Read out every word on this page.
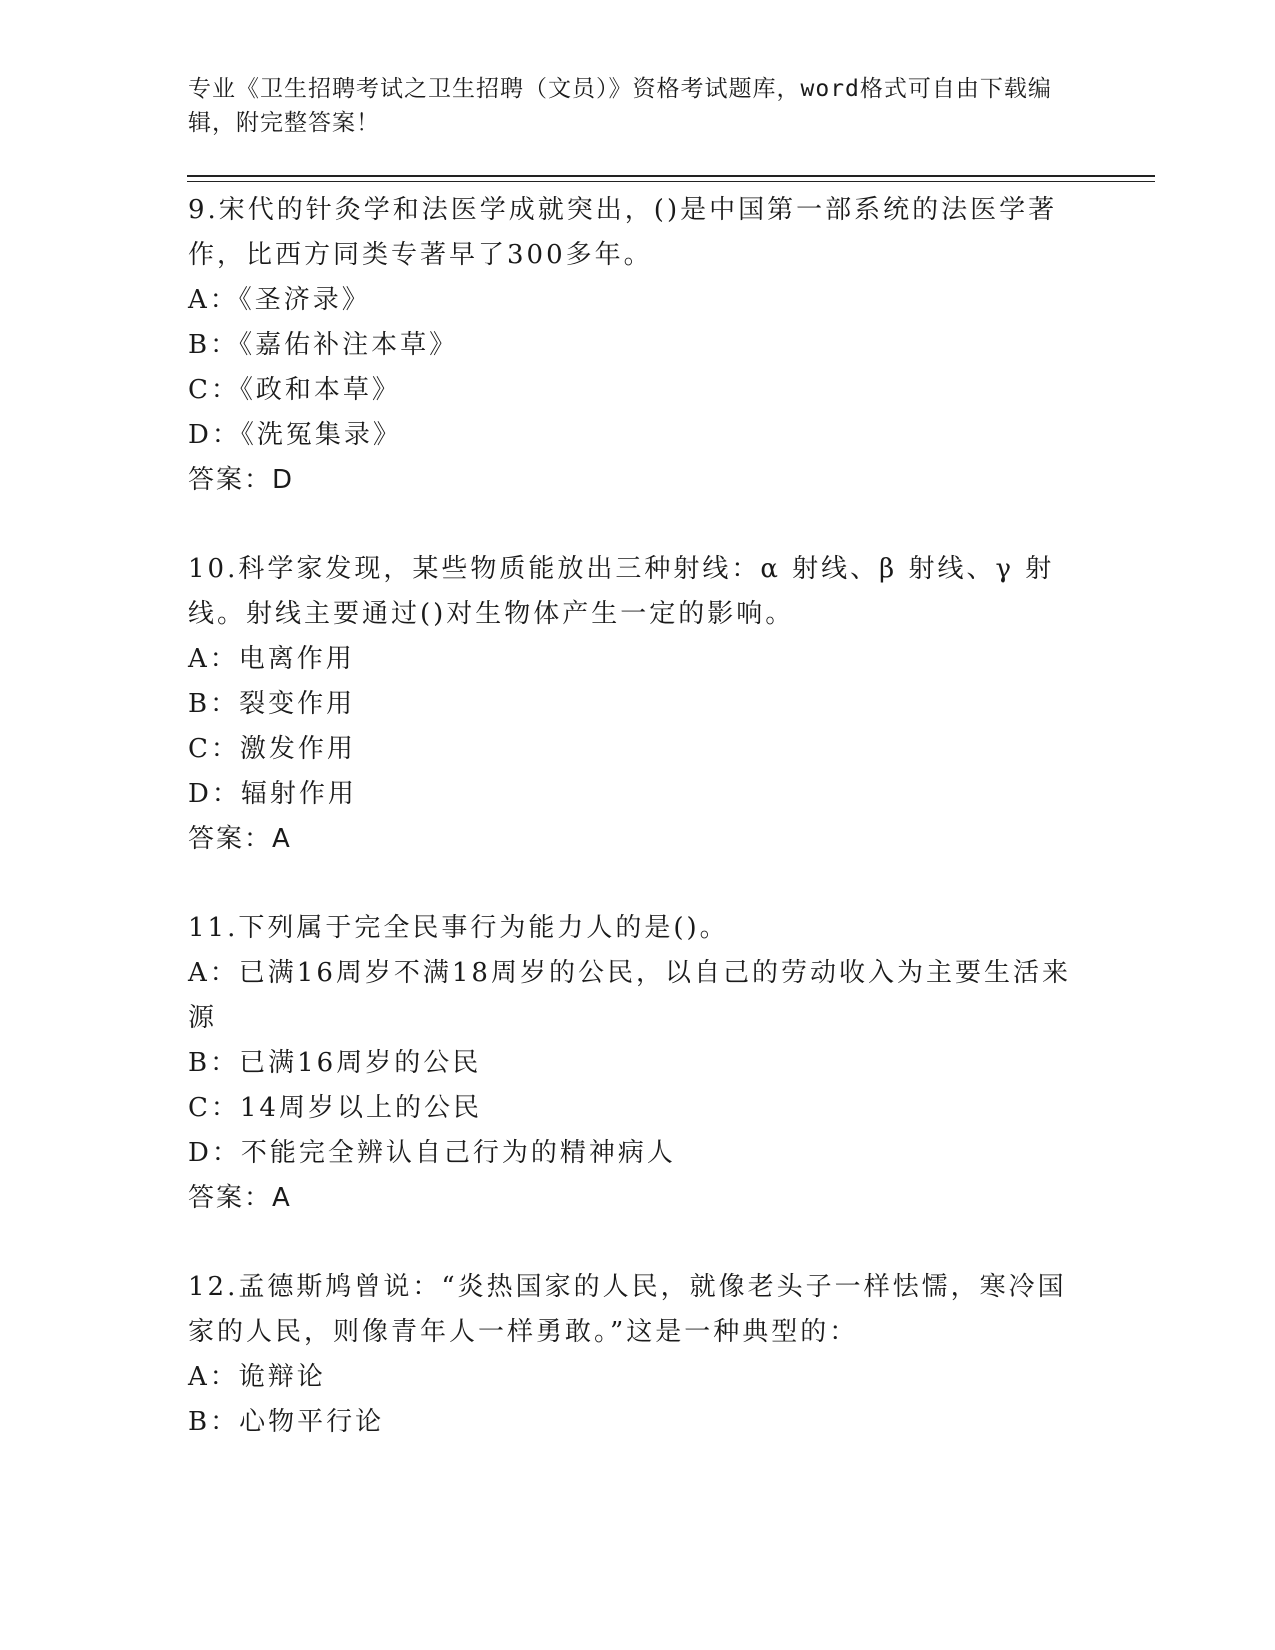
专业《卫生招聘考试之卫生招聘（文员）》资格考试题库，word格式可自由下载编辑，附完整答案！

9.宋代的针灸学和法医学成就突出，()是中国第一部系统的法医学著作，比西方同类专著早了300多年。

A：《圣济录》

B：《嘉佑补注本草》

C：《政和本草》

D：《洗冤集录》

答案：D

10.科学家发现，某些物质能放出三种射线：α 射线、β 射线、γ 射线。射线主要通过()对生物体产生一定的影响。

A：电离作用

B：裂变作用

C：激发作用

D：辐射作用

答案：A

11.下列属于完全民事行为能力人的是()。

A：已满16周岁不满18周岁的公民，以自己的劳动收入为主要生活来源

B：已满16周岁的公民

C：14周岁以上的公民

D：不能完全辨认自己行为的精神病人

答案：A

12.孟德斯鸠曾说：“炎热国家的人民，就像老头子一样怯懦，寒冷国家的人民，则像青年人一样勇敢。”这是一种典型的：

A：诡辩论

B：心物平行论
